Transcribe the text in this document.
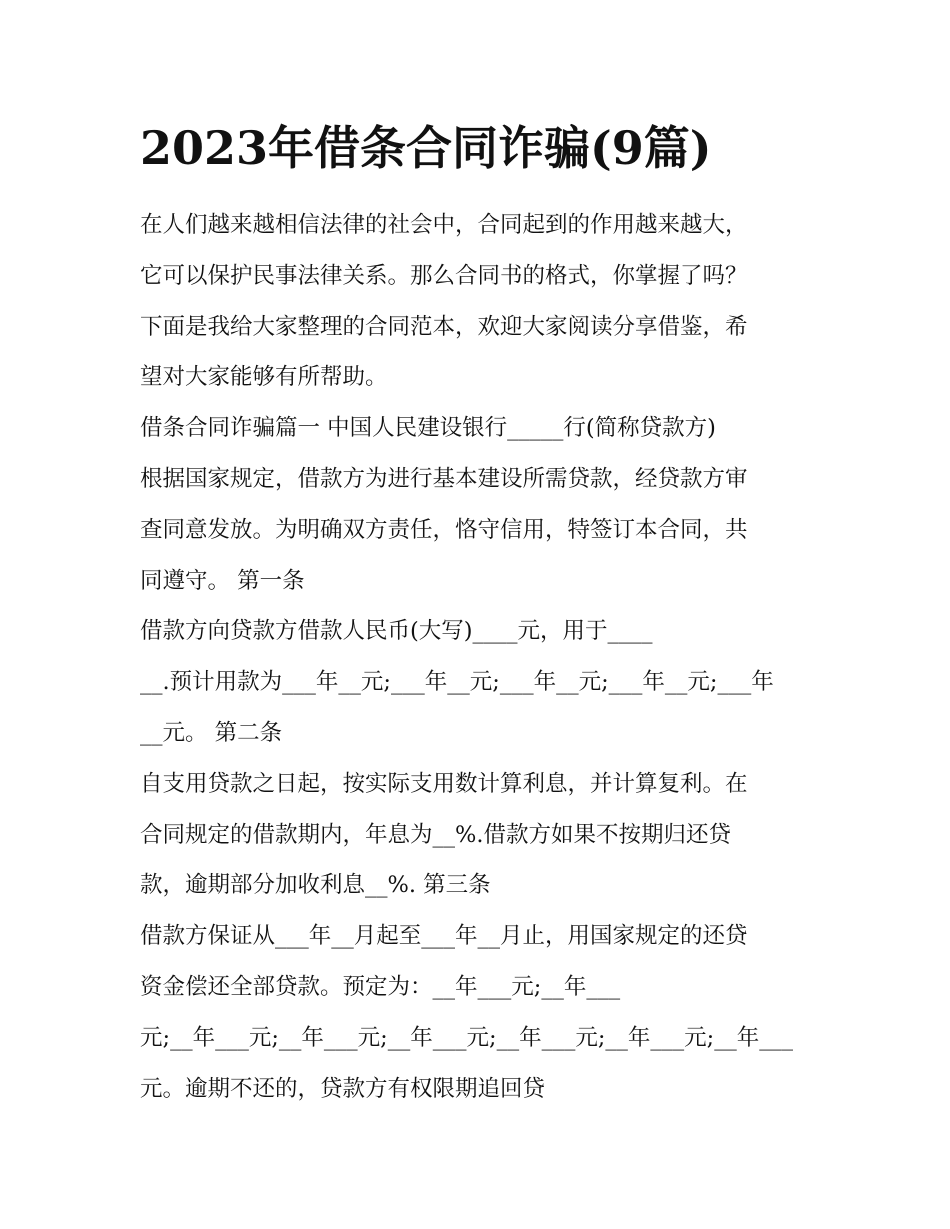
2023年借条合同诈骗(9篇)
在人们越来越相信法律的社会中，合同起到的作用越来越大，
它可以保护民事法律关系。那么合同书的格式，你掌握了吗？
下面是我给大家整理的合同范本，欢迎大家阅读分享借鉴，希
望对大家能够有所帮助。
借条合同诈骗篇一 中国人民建设银行_____行(简称贷款方)
根据国家规定，借款方为进行基本建设所需贷款，经贷款方审
查同意发放。为明确双方责任，恪守信用，特签订本合同，共
同遵守。 第一条
借款方向贷款方借款人民币(大写)____元，用于____
__.预计用款为___年__元;___年__元;___年__元;___年__元;___年
__元。 第二条
自支用贷款之日起，按实际支用数计算利息，并计算复利。在
合同规定的借款期内，年息为__%.借款方如果不按期归还贷
款，逾期部分加收利息__%. 第三条
借款方保证从___年__月起至___年__月止，用国家规定的还贷
资金偿还全部贷款。预定为：__年___元;__年___
元;__年___元;__年___元;__年___元;__年___元;__年___元;__年___
元。逾期不还的，贷款方有权限期追回贷
